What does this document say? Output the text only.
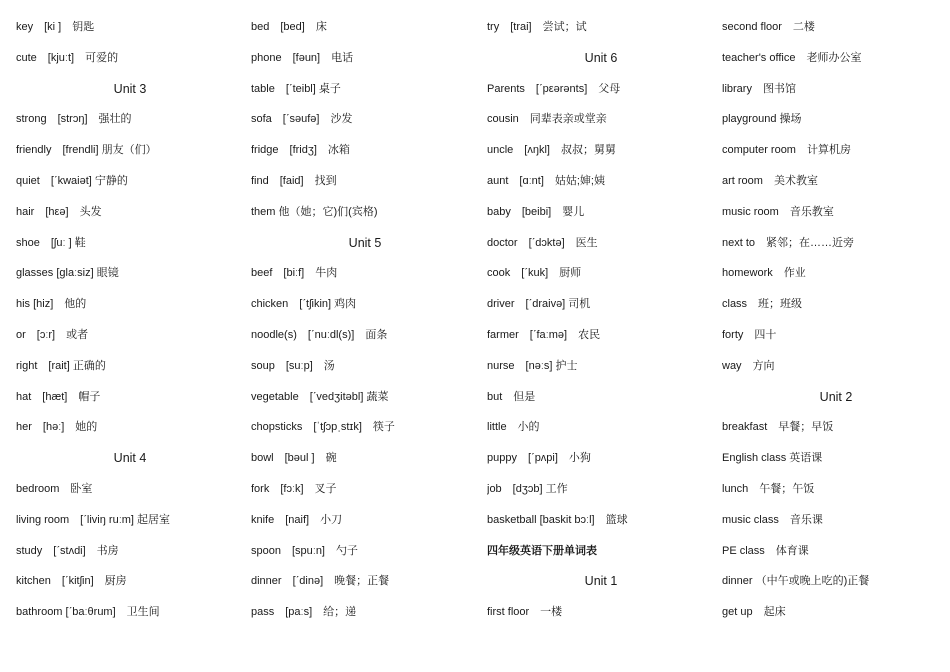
key　[ki ]　钥匙
cute　[kjuːt]　可爱的
Unit 3
strong　[strɔŋ]　强壮的
friendly　[frendli] 朋友（们）
quiet　[ˊkwaiət] 宁静的
hair　[hεə]　头发
shoe　[ʃuː ] 鞋
glasses [glaːsiz] 眼镜
his [hiz]　他的
or　[ɔːr]　或者
right　[rait] 正确的
hat　[hæt]　帽子
her　[həː]　她的
Unit 4
bedroom　卧室
living room　[ˊliviŋ ruːm] 起居室
study　[ˊstʌdi]　书房
kitchen　[ˊkitʃin]　厨房
bathroom [ˊbaːθrum]　卫生间
bed　[bed]　床
phone　[fəun]　电话
table　[ˊteibl] 桌子
sofa　[ˊsəufə]　沙发
fridge　[fridʒ]　冰箱
find　[faid]　找到
them 他（她；它)们(宾格)
Unit 5
beef　[biːf]　牛肉
chicken　[ˊtʃikin] 鸡肉
noodle(s)　[ˊnuːdl(s)]　面条
soup　[suːp]　汤
vegetable　[ˊvedʒitəbl] 蔬菜
chopsticks　[ˈtʃɔpˌstɪk]　筷子
bowl　[bəul ]　碗
fork　[fɔːk]　叉子
knife　[naif]　小刀
spoon　[spuːn]　勺子
dinner　[ˊdinə]　晚餐；正餐
pass　[paːs]　给；递
try　[trai]　尝试；试
Unit 6
Parents　[ˊpεərənts]　父母
cousin　同辈表亲或堂亲
uncle　[ʌŋkl]　叔叔；舅舅
aunt　[ɑːnt]　姑姑;婶;姨
baby　[beibi]　婴儿
doctor　[ˊdɔktə]　医生
cook　[ˊkuk]　厨师
driver　[ˊdraivə] 司机
farmer　[ˊfaːmə]　农民
nurse　[nəːs] 护士
but　但是
little　小的
puppy　[ˊpʌpi]　小狗
job　[dʒɔb] 工作
basketball [baskit bɔːl]　篮球
四年级英语下册单词表
Unit 1
first floor　一楼
second floor　二楼
teacher's office　老师办公室
library　图书馆
playground 操场
computer room　计算机房
art room　美术教室
music room　音乐教室
next to　紧邻；在……近旁
homework　作业
class　班；班级
forty　四十
way　方向
Unit 2
breakfast　早餐；早饭
English class 英语课
lunch　午餐；午饭
music class　音乐课
PE class　体育课
dinner （中午或晚上吃的)正餐
get up　起床
